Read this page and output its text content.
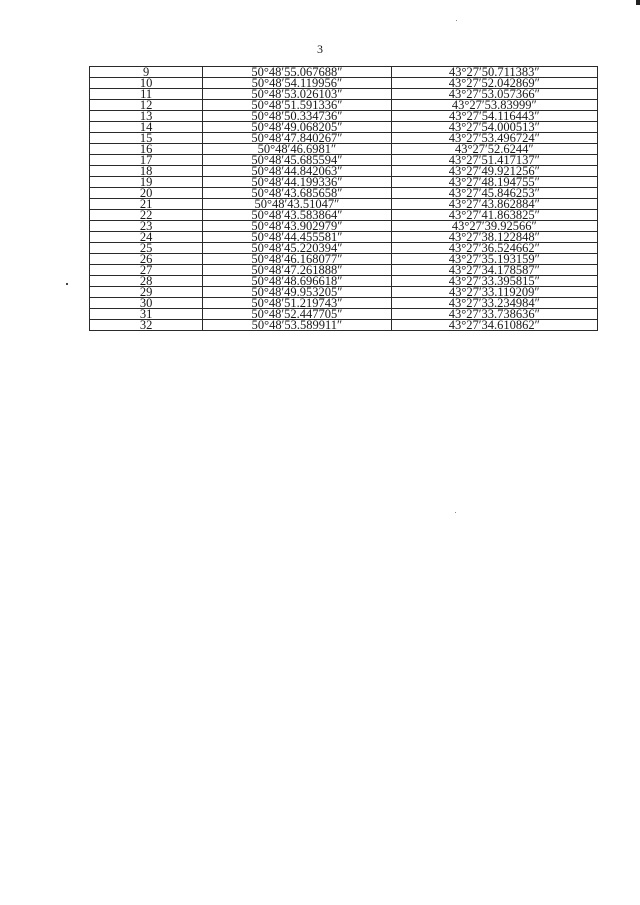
3
9	50°48′55.067688″	43°27′50.711383″
10	50°48′54.119956″	43°27′52.042869″
11	50°48′53.026103″	43°27′53.057366″
12	50°48′51.591336″	43°27′53.83999″
13	50°48′50.334736″	43°27′54.116443″
14	50°48′49.068205″	43°27′54.000513″
15	50°48′47.840267″	43°27′53.496724″
16	50°48′46.6981″	43°27′52.6244″
17	50°48′45.685594″	43°27′51.417137″
18	50°48′44.842063″	43°27′49.921256″
19	50°48′44.199336″	43°27′48.194755″
20	50°48′43.685658″	43°27′45.846253″
21	50°48′43.51047″	43°27′43.862884″
22	50°48′43.583864″	43°27′41.863825″
23	50°48′43.902979″	43°27′39.92566″
24	50°48′44.455581″	43°27′38.122848″
25	50°48′45.220394″	43°27′36.524662″
26	50°48′46.168077″	43°27′35.193159″
27	50°48′47.261888″	43°27′34.178587″
28	50°48′48.696618″	43°27′33.395815″
29	50°48′49.953205″	43°27′33.119209″
30	50°48′51.219743″	43°27′33.234984″
31	50°48′52.447705″	43°27′33.738636″
32	50°48′53.589911″	43°27′34.610862″
